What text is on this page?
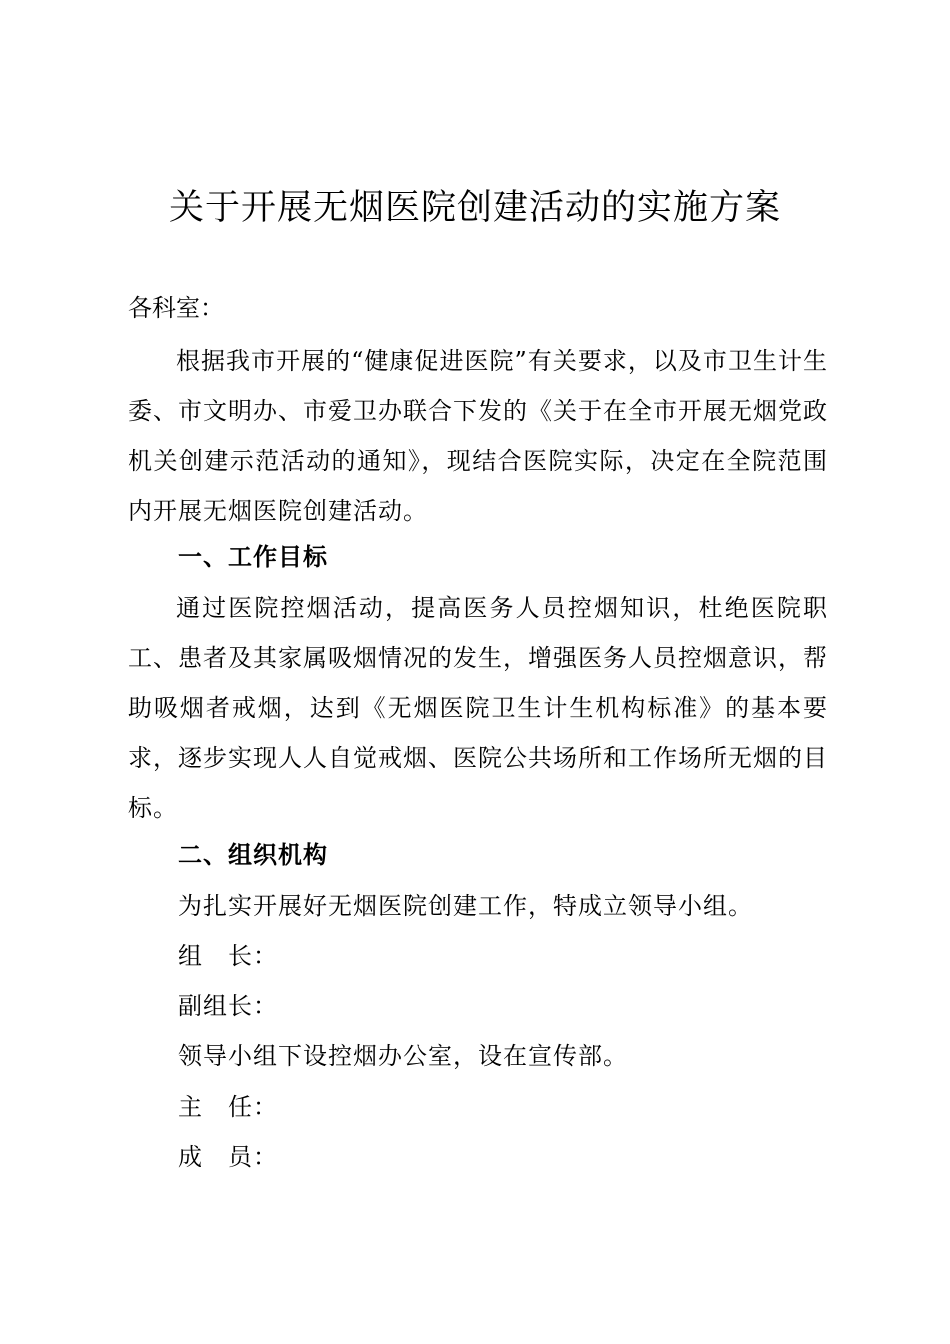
关于开展无烟医院创建活动的实施方案

各科室：

根据我市开展的“健康促进医院”有关要求，以及市卫生计生委、市文明办、市爱卫办联合下发的《关于在全市开展无烟党政机关创建示范活动的通知》，现结合医院实际，决定在全院范围内开展无烟医院创建活动。

一、工作目标

通过医院控烟活动，提高医务人员控烟知识，杜绝医院职工、患者及其家属吸烟情况的发生，增强医务人员控烟意识，帮助吸烟者戒烟，达到《无烟医院卫生计生机构标准》的基本要求，逐步实现人人自觉戒烟、医院公共场所和工作场所无烟的目标。

二、组织机构

为扎实开展好无烟医院创建工作，特成立领导小组。

组　长：

副组长：

领导小组下设控烟办公室，设在宣传部。

主　任：

成　员：
